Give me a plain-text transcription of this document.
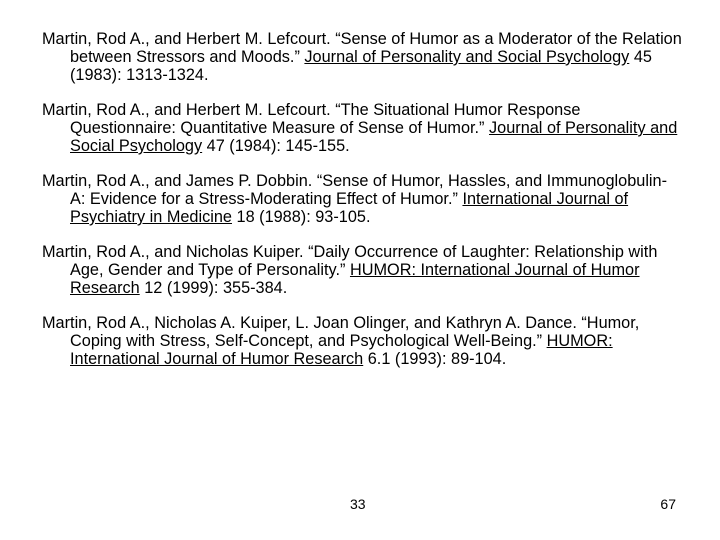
Martin, Rod A., and Herbert M. Lefcourt. “Sense of Humor as a Moderator of the Relation between Stressors and Moods.” Journal of Personality and Social Psychology 45 (1983): 1313-1324.

Martin, Rod A., and Herbert M. Lefcourt. “The Situational Humor Response Questionnaire: Quantitative Measure of Sense of Humor.” Journal of Personality and Social Psychology 47 (1984): 145-155.

Martin, Rod A., and James P. Dobbin. “Sense of Humor, Hassles, and Immunoglobulin-A: Evidence for a Stress-Moderating Effect of Humor.” International Journal of Psychiatry in Medicine 18 (1988): 93-105.

Martin, Rod A., and Nicholas Kuiper. “Daily Occurrence of Laughter: Relationship with Age, Gender and Type of Personality.” HUMOR: International Journal of Humor Research 12 (1999): 355-384.

Martin, Rod A., Nicholas A. Kuiper, L. Joan Olinger, and Kathryn A. Dance. “Humor, Coping with Stress, Self-Concept, and Psychological Well-Being.” HUMOR: International Journal of Humor Research 6.1 (1993): 89-104.

33	67
